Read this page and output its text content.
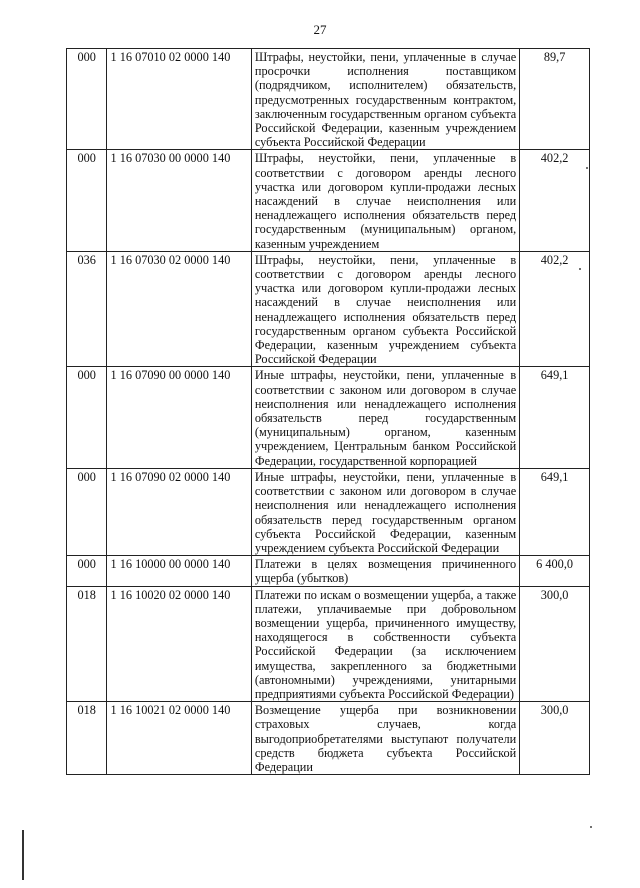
27
000	1 16 07010 02 0000 140	Штрафы, неустойки, пени, уплаченные в случае просрочки исполнения поставщиком (подрядчиком, исполнителем) обязательств, предусмотренных государственным контрактом, заключенным государственным органом субъекта Российской Федерации, казенным учреждением субъекта Российской Федерации	89,7
000	1 16 07030 00 0000 140	Штрафы, неустойки, пени, уплаченные в соответствии с договором аренды лесного участка или договором купли-продажи лесных насаждений в случае неисполнения или ненадлежащего исполнения обязательств перед государственным (муниципальным) органом, казенным учреждением	402,2
036	1 16 07030 02 0000 140	Штрафы, неустойки, пени, уплаченные в соответствии с договором аренды лесного участка или договором купли-продажи лесных насаждений в случае неисполнения или ненадлежащего исполнения обязательств перед государственным органом субъекта Российской Федерации, казенным учреждением субъекта Российской Федерации	402,2
000	1 16 07090 00 0000 140	Иные штрафы, неустойки, пени, уплаченные в соответствии с законом или договором в случае неисполнения или ненадлежащего исполнения обязательств перед государственным (муниципальным) органом, казенным учреждением, Центральным банком Российской Федерации, государственной корпорацией	649,1
000	1 16 07090 02 0000 140	Иные штрафы, неустойки, пени, уплаченные в соответствии с законом или договором в случае неисполнения или ненадлежащего исполнения обязательств перед государственным органом субъекта Российской Федерации, казенным учреждением субъекта Российской Федерации	649,1
000	1 16 10000 00 0000 140	Платежи в целях возмещения причиненного ущерба (убытков)	6 400,0
018	1 16 10020 02 0000 140	Платежи по искам о возмещении ущерба, а также платежи, уплачиваемые при добровольном возмещении ущерба, причиненного имуществу, находящегося в собственности субъекта Российской Федерации (за исключением имущества, закрепленного за бюджетными (автономными) учреждениями, унитарными предприятиями субъекта Российской Федерации)	300,0
018	1 16 10021 02 0000 140	Возмещение ущерба при возникновении страховых случаев, когда выгодоприобретателями выступают получатели средств бюджета субъекта Российской Федерации	300,0
